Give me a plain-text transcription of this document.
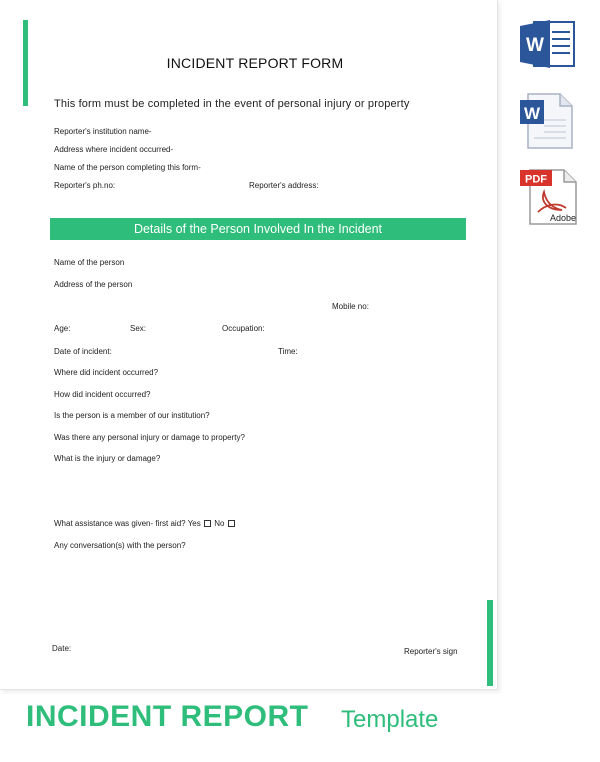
INCIDENT REPORT FORM
This form must be completed in the event of personal injury or property
Reporter's institution name-
Address where incident occurred-
Name of the person completing this form-
Reporter's ph.no:	Reporter's address:
Details of the Person Involved In the Incident
Name of the person
Address of the person
Mobile no:
Age:	Sex:	Occupation:
Date of incident:	Time:
Where did incident occurred?
How did incident occurred?
Is the person is a member of our institution?
Was there any personal injury or damage to property?
What is the injury or damage?
What assistance was given- first aid? Yes No
Any conversation(s) with the person?
Date:	Reporter's sign
W
W
PDF
Adobe
INCIDENT REPORT Template
